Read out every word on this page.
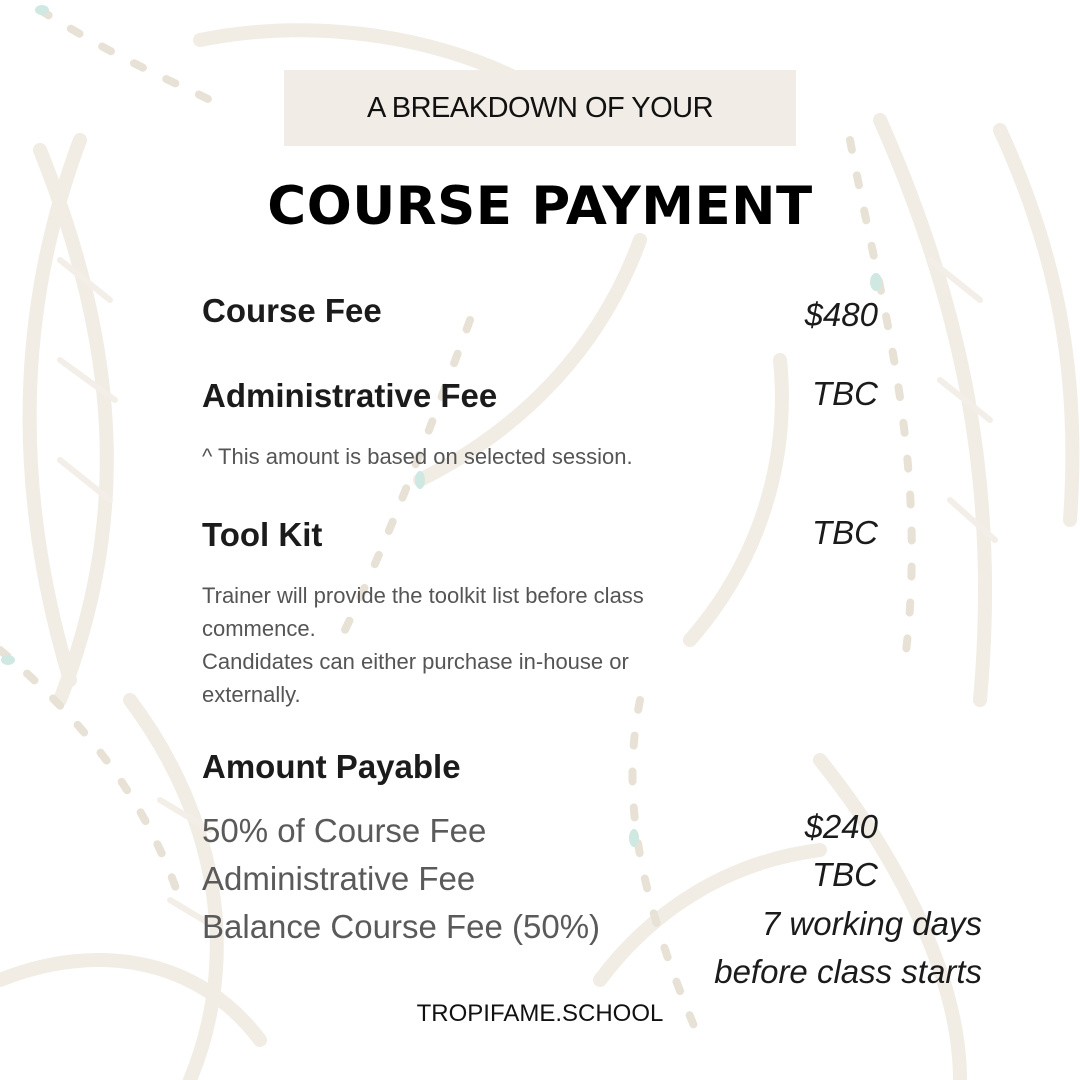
A BREAKDOWN OF YOUR
COURSE PAYMENT
Course Fee	$480
Administrative Fee	TBC
^ This amount is based on selected session.
Tool Kit	TBC
Trainer will provide the toolkit list before class
commence.
Candidates can either purchase in-house or
externally.
Amount Payable
50% of Course Fee	$240
Administrative Fee	TBC
Balance Course Fee (50%)	7 working days
before class starts
TROPIFAME.SCHOOL
